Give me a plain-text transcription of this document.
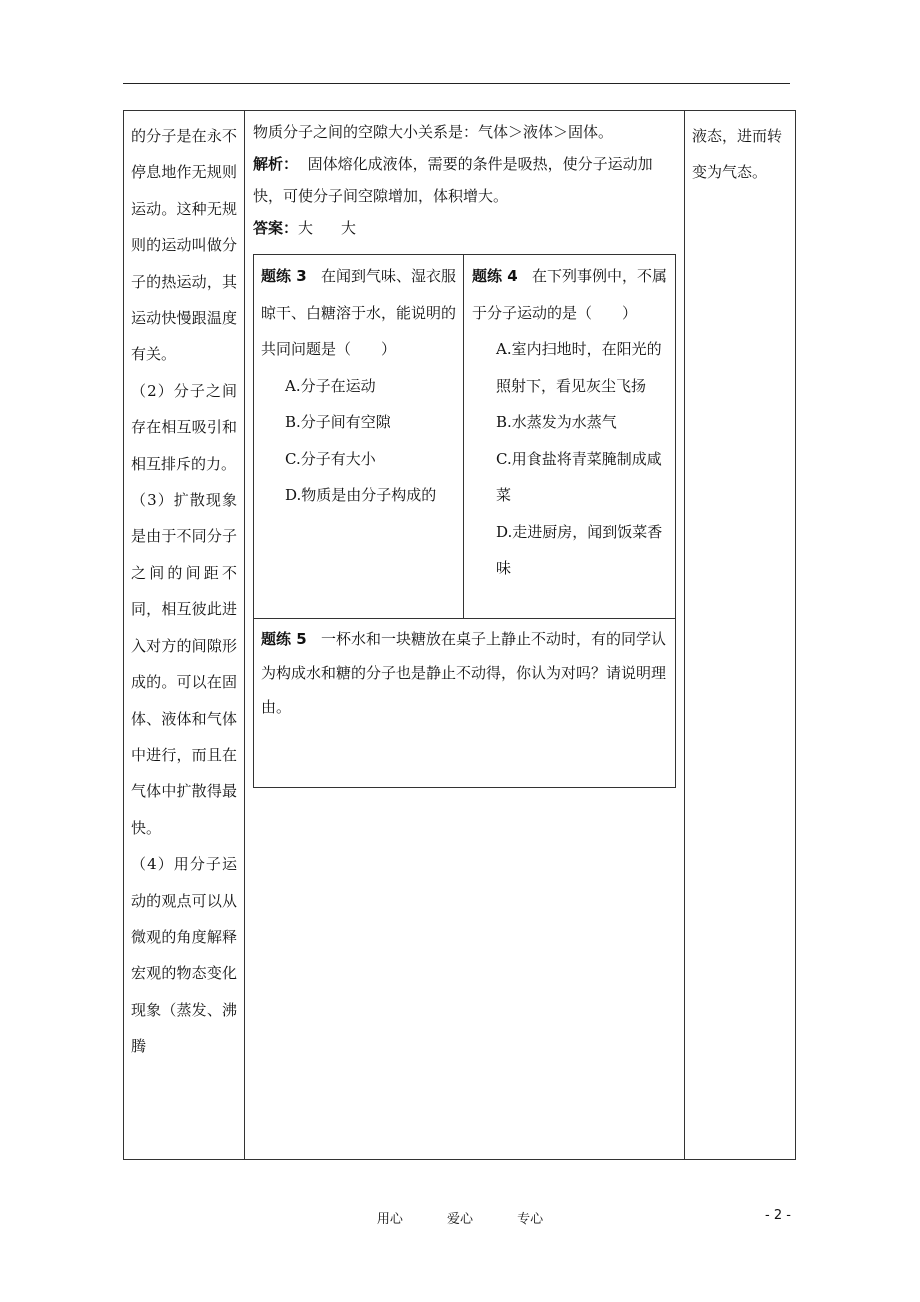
的分子是在永不停息地作无规则运动。这种无规则的运动叫做分子的热运动，其运动快慢跟温度有关。

（2）分子之间存在相互吸引和相互排斥的力。

（3）扩散现象是由于不同分子之间的间距不同，相互彼此进入对方的间隙形成的。可以在固体、液体和气体中进行，而且在气体中扩散得最快。

（4）用分子运动的观点可以从微观的角度解释宏观的物态变化现象（蒸发、沸腾

物质分子之间的空隙大小关系是：气体＞液体＞固体。

解析： 固体熔化成液体，需要的条件是吸热，使分子运动加快，可使分子间空隙增加，体积增大。

答案：大 大

液态，进而转变为气态。

题练 3 在闻到气味、湿衣服晾干、白糖溶于水，能说明的共同问题是（　　）

A.分子在运动

B.分子间有空隙

C.分子有大小

D.物质是由分子构成的

题练 4 在下列事例中，不属于分子运动的是（　　）

A.室内扫地时，在阳光的照射下，看见灰尘飞扬

B.水蒸发为水蒸气

C.用食盐将青菜腌制成咸菜

D.走进厨房，闻到饭菜香味

题练 5 一杯水和一块糖放在桌子上静止不动时，有的同学认为构成水和糖的分子也是静止不动得，你认为对吗？请说明理由。

用心	爱心	专心	- 2 -
